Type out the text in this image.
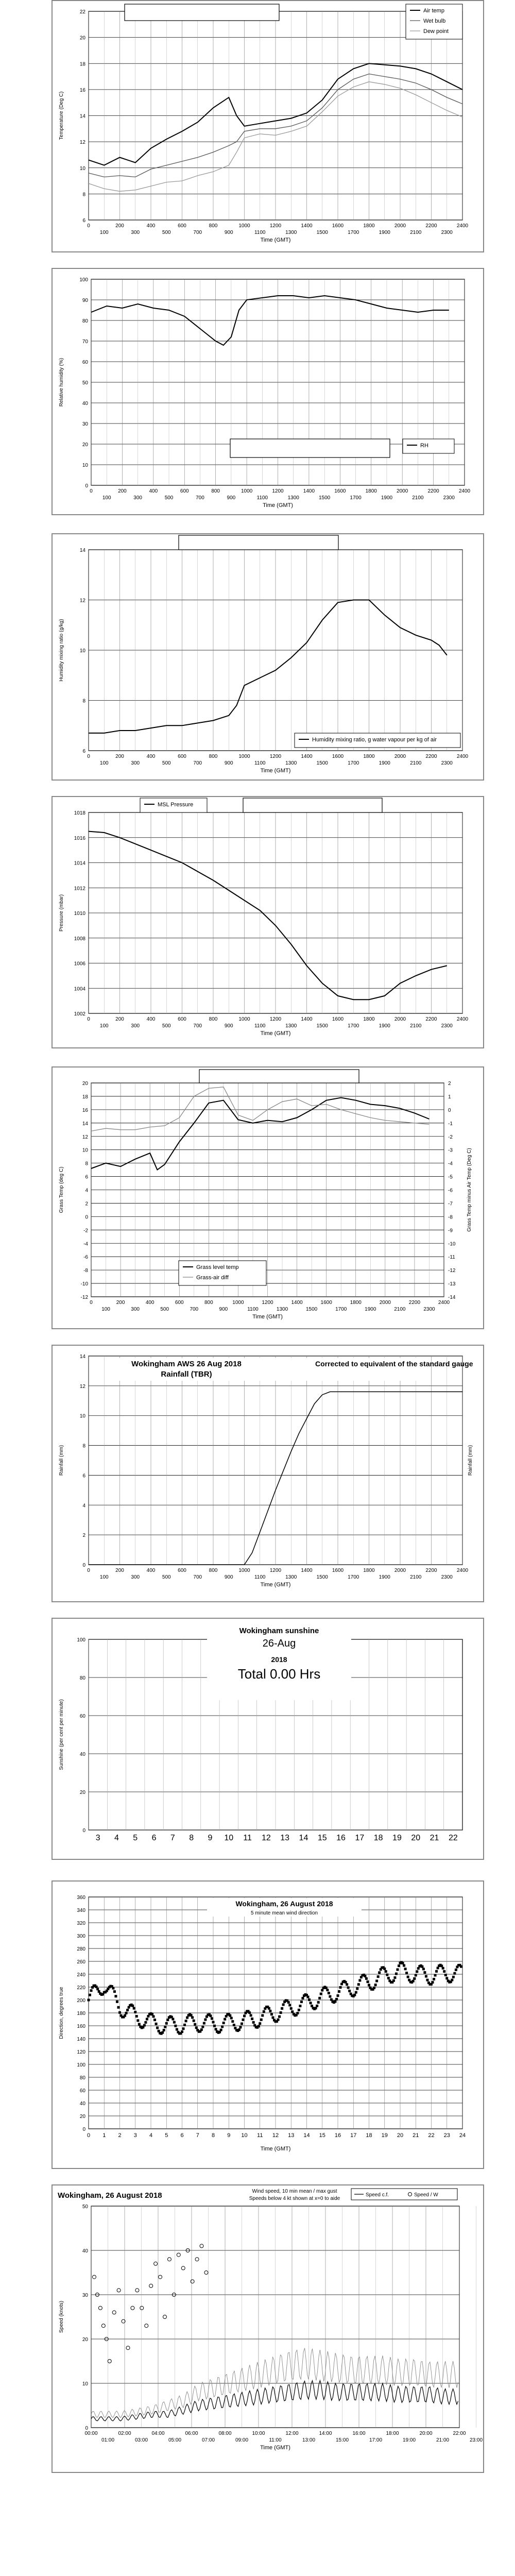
6
8
10
12
14
16
18
20
22
0	200	400	600	800	1000	1200	1400	1600	1800	2000	2200	2400
100	300	500	700	900	1100	1300	1500	1700	1900	2100	2300
Time (GMT)
Temperature (Deg C)
Air temp
Wet bulb
Dew point
0
10
20
30
40
50
60
70
80
90
100
0	200	400	600	800	1000	1200	1400	1600	1800	2000	2200	2400
100	300	500	700	900	1100	1300	1500	1700	1900	2100	2300
Time (GMT)
Relative humidity (%)
RH
6
8
10
12
14
0	200	400	600	800	1000	1200	1400	1600	1800	2000	2200	2400
100	300	500	700	900	1100	1300	1500	1700	1900	2100	2300
Time (GMT)
Humidity mixing ratio (g/kg)
Humidity mixing ratio, g water vapour per kg of air
1002
1004
1006
1008
1010
1012
1014
1016
1018
0	200	400	600	800	1000	1200	1400	1600	1800	2000	2200	2400
100	300	500	700	900	1100	1300	1500	1700	1900	2100	2300
Time (GMT)
Pressure (mbar)
MSL Pressure
-12
-10
-8
-6
-4
-2
0
2
4
6
8
10
12
14
16
18
20
0	200	400	600	800	1000	1200	1400	1600	1800	2000	2200	2400
100	300	500	700	900	1100	1300	1500	1700	1900	2100	2300
Time (GMT)
Grass Temp (deg C)
Grass level temp
Grass-air diff
-14
-13
-12
-11
-10
-9
-8
-7
-6
-5
-4
-3
-2
-1
0
1
2
Grass Temp minus Air Temp (Deg C)
0
2
4
6
8
10
12
14
0	200	400	600	800	1000	1200	1400	1600	1800	2000	2200	2400
100	300	500	700	900	1100	1300	1500	1700	1900	2100	2300
Time (GMT)
Rainfall (mm)
Wokingham AWS 26 Aug 2018
Rainfall (TBR)
Corrected to equivalent of the standard gauge
Rainfall (mm)
0
20
40
60
80
100
Sunshine (per cent per minute)
3 4 5 6 7 8 9 10 11 12 13 14 15 16 17 18 19 20 21 22
Wokingham sunshine
26-Aug
2018
Total 0.00 Hrs
0
20
40
60
80
100
120
140
160
180
200
220
240
260
280
300
320
340
360
0 1 2 3 4 5 6 7 8 9 10 11 12 13 14 15 16 17 18 19 20 21 22 23 24
Time (GMT)
Direction, degrees true
Wokingham, 26 August 2018
5 minute mean wind direction
0
10
20
30
40
50
00:00	02:00	04:00	06:00	08:00	10:00	12:00	14:00	16:00	18:00	20:00	22:00
01:00	03:00	05:00	07:00	09:00	11:00	13:00	15:00	17:00	19:00	21:00	23:00
Time (GMT)
Speed (knots)
Wokingham, 26 August 2018	Wind speed, 10 min mean / max gust
Speeds below 4 kt shown at x=0 to aide
Speed c.f.	Speed / W
